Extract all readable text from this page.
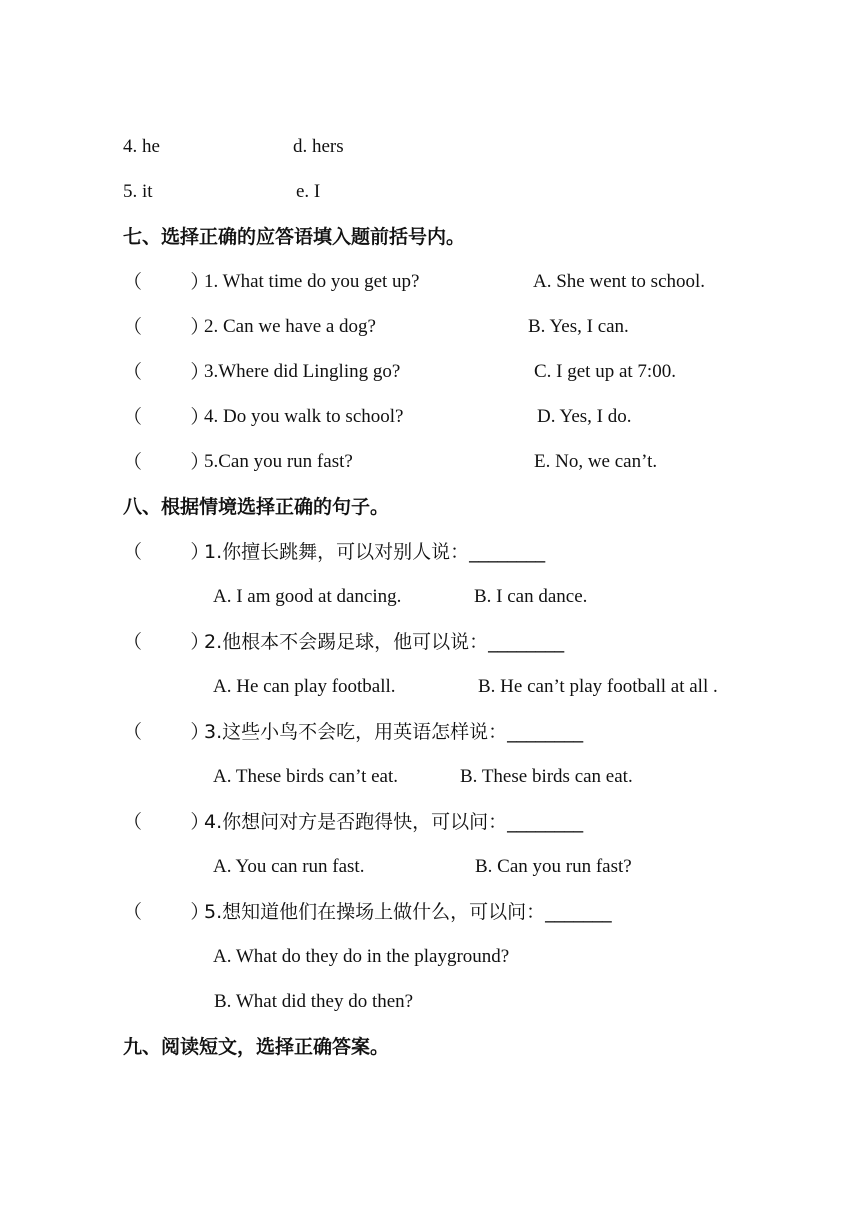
4. he	d. hers
5. it	e. I
七、选择正确的应答语填入题前括号内。
（        ）
1. What time do you get up?	A. She went to school.
（        ）
2. Can we have a dog?	B. Yes, I can.
（        ）
3.Where did Lingling go?	C. I get up at 7:00.
（        ）
4. Do you walk to school?	D. Yes, I do.
（        ）
5.Can you run fast?	E. No, we can’t.
八、根据情境选择正确的句子。
（        ）
1.你擅长跳舞，可以对别人说：________
A. I am good at dancing.	B. I can dance.
（        ）
2.他根本不会踢足球，他可以说：________
A. He can play football.	B. He can’t play football at all .
（        ）
3.这些小鸟不会吃，用英语怎样说：________
A. These birds can’t eat.	B. These birds can eat.
（        ）
4.你想问对方是否跑得快，可以问：________
A. You can run fast.	B. Can you run fast?
（        ）
5.想知道他们在操场上做什么，可以问：_______
A. What do they do in the playground?
B. What did they do then?
九、阅读短文，选择正确答案。
